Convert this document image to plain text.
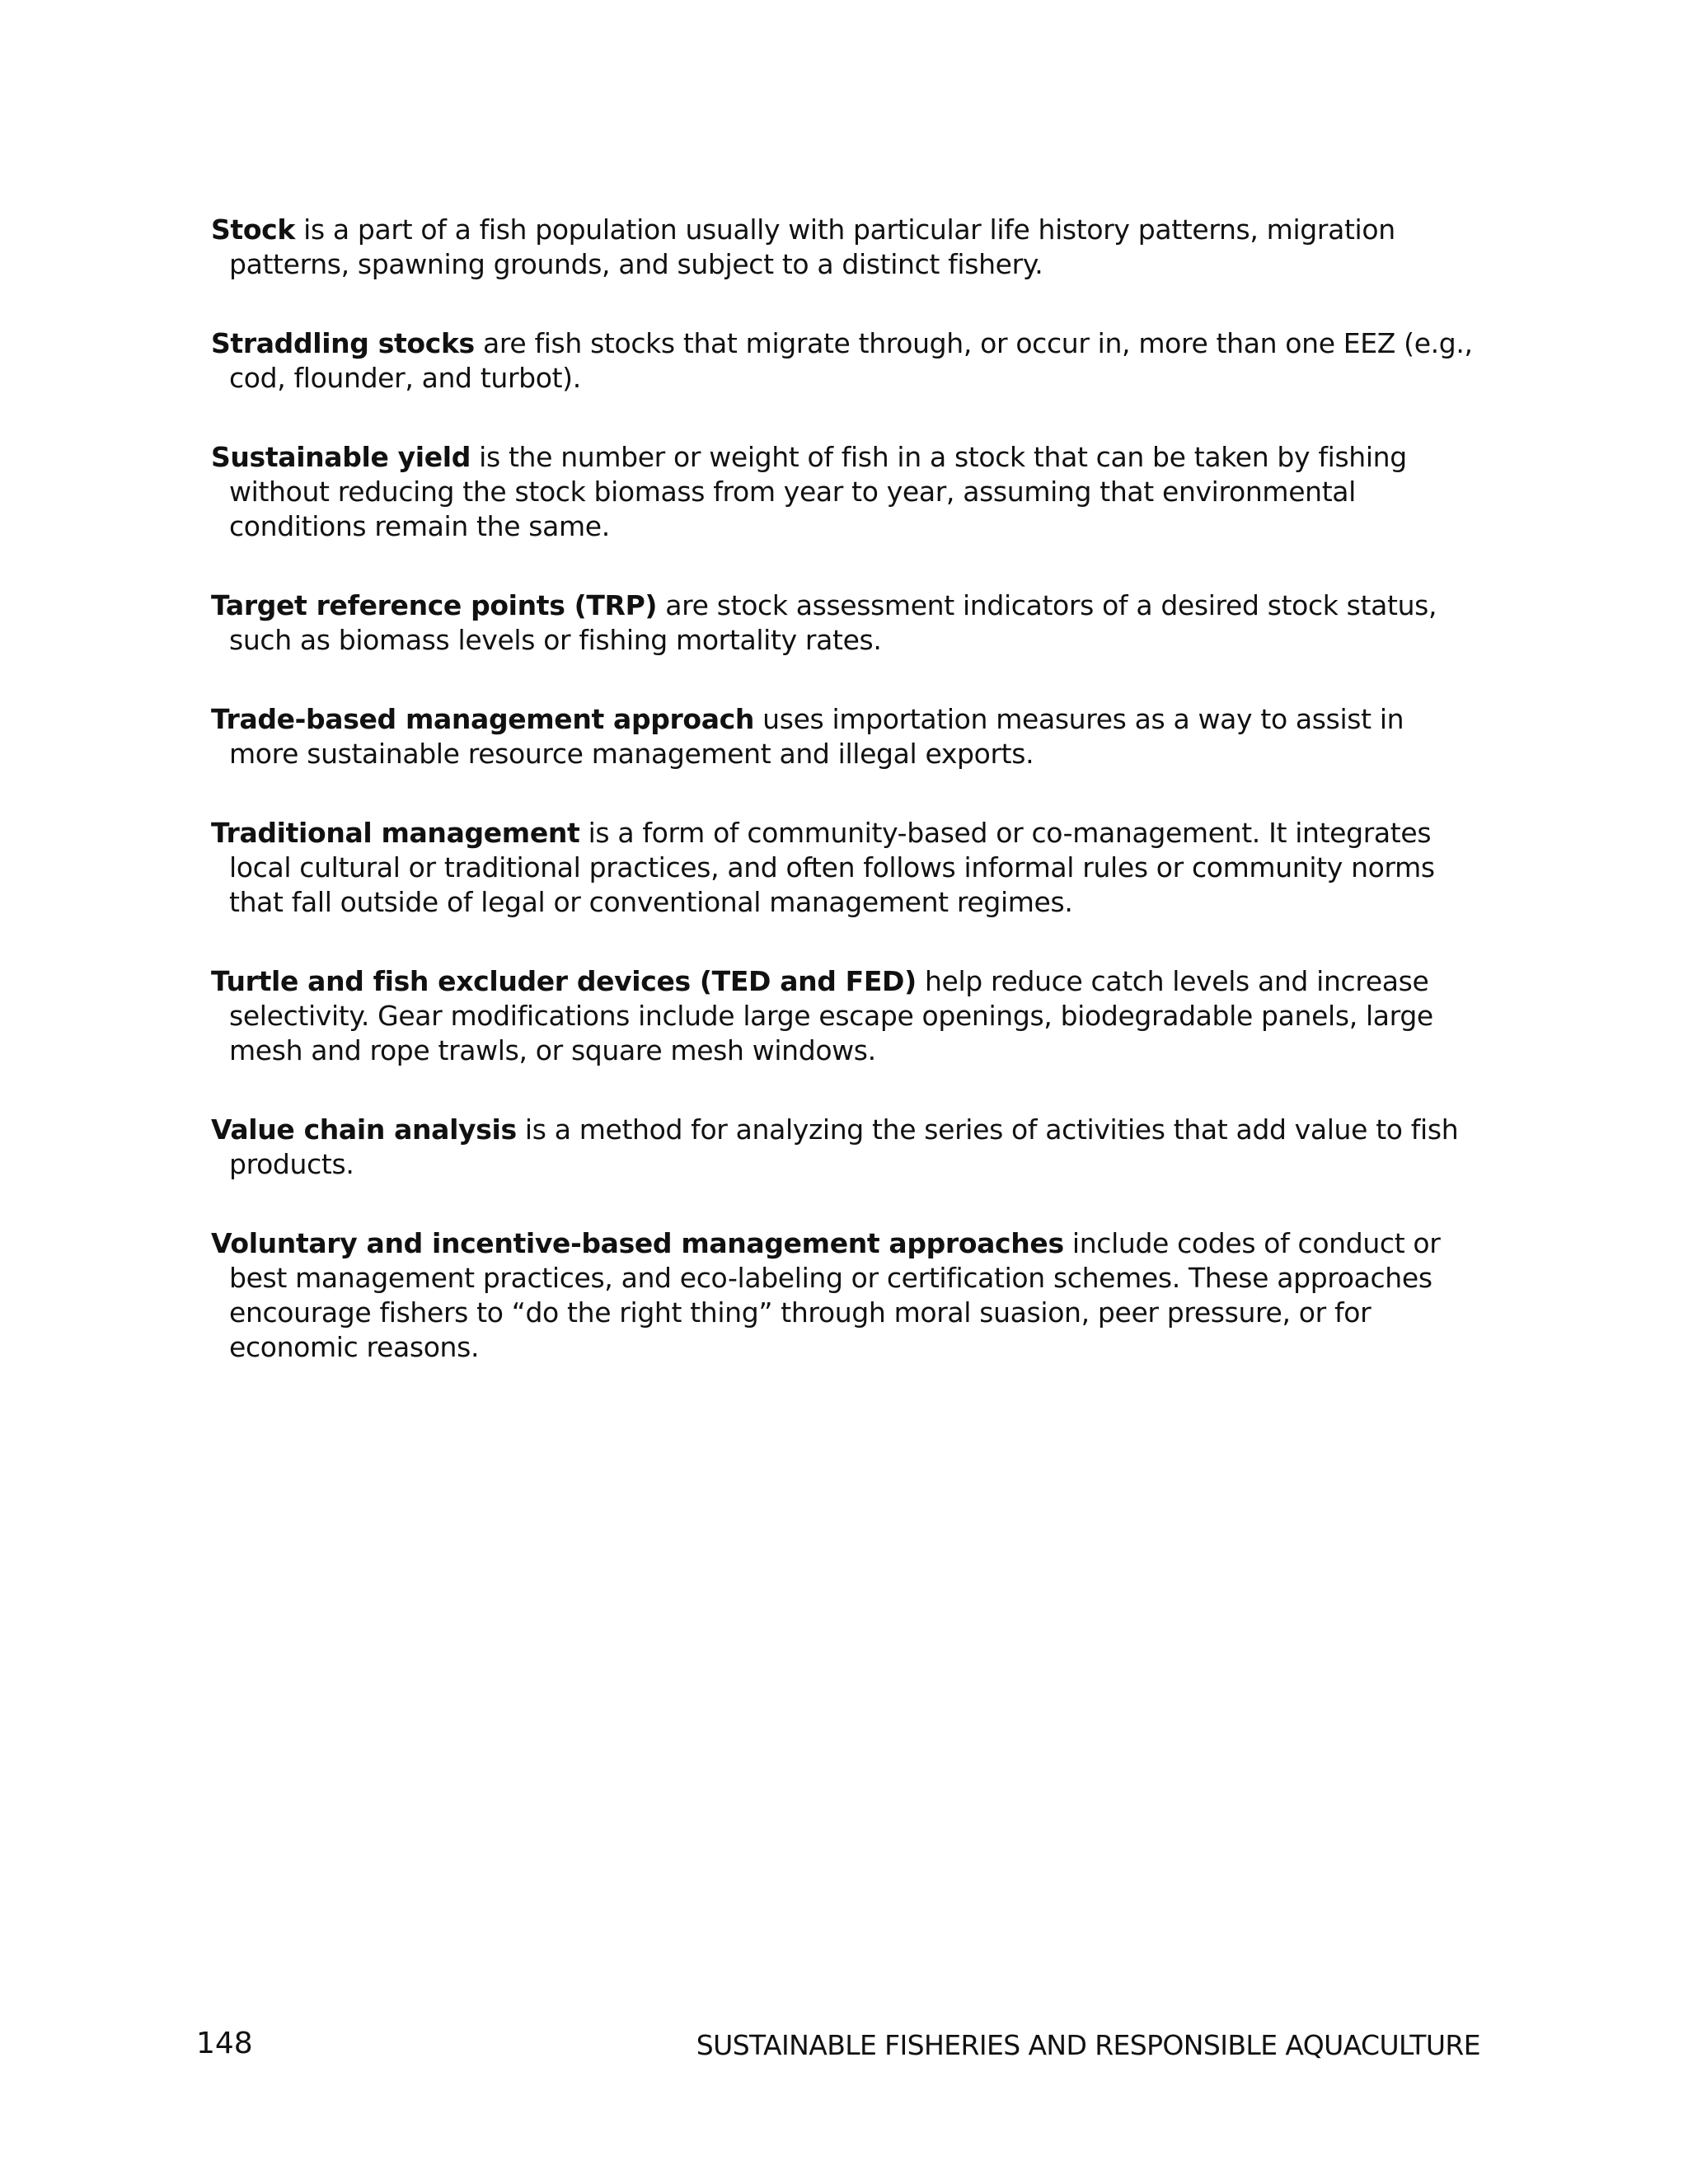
Stock is a part of a fish population usually with particular life history patterns, migration patterns, spawning grounds, and subject to a distinct fishery.

Straddling stocks are fish stocks that migrate through, or occur in, more than one EEZ (e.g., cod, flounder, and turbot).

Sustainable yield is the number or weight of fish in a stock that can be taken by fishing without reducing the stock biomass from year to year, assuming that environmental conditions remain the same.

Target reference points (TRP) are stock assessment indicators of a desired stock status, such as biomass levels or fishing mortality rates.

Trade-based management approach uses importation measures as a way to assist in more sustainable resource management and illegal exports.

Traditional management is a form of community-based or co-management. It integrates local cultural or traditional practices, and often follows informal rules or community norms that fall outside of legal or conventional management regimes.

Turtle and fish excluder devices (TED and FED) help reduce catch levels and increase selectivity. Gear modifications include large escape openings, biodegradable panels, large mesh and rope trawls, or square mesh windows.

Value chain analysis is a method for analyzing the series of activities that add value to fish products.

Voluntary and incentive-based management approaches include codes of conduct or best management practices, and eco-labeling or certification schemes. These approaches encourage fishers to “do the right thing” through moral suasion, peer pressure, or for economic reasons.

148	SUSTAINABLE FISHERIES AND RESPONSIBLE AQUACULTURE
